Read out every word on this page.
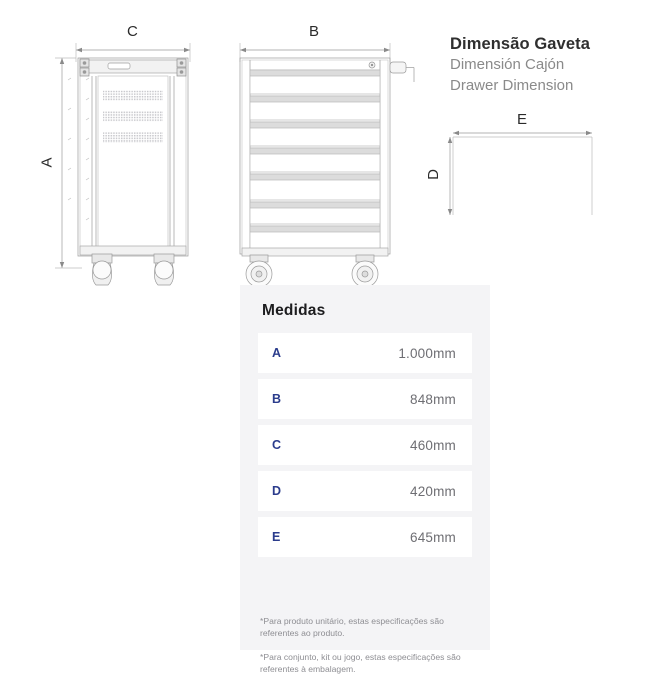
C
A
B

Dimensão Gaveta

Dimensión Cajón

Drawer Dimension

E
D
Medidas
A	1.000mm
B	848mm
C	460mm
D	420mm
E	645mm

*Para produto unitário, estas especificações são referentes ao produto.

*Para conjunto, kit ou jogo, estas especificações são referentes à embalagem.
